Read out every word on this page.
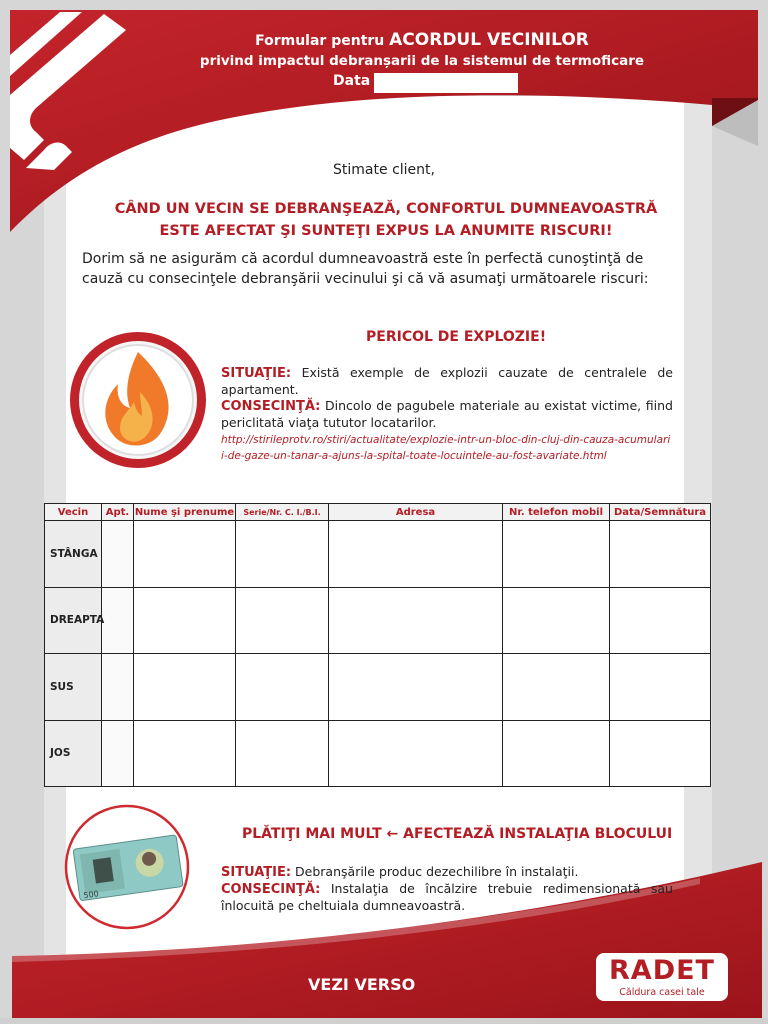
500
Formular pentru ACORDUL VECINILOR
privind impactul debranșarii de la sistemul de termoficare
Data
Stimate client,
CÂND UN VECIN SE DEBRANŞEAZĂ, CONFORTUL DUMNEAVOASTRĂ
ESTE AFECTAT ŞI SUNTEŢI EXPUS LA ANUMITE RISCURI!
Dorim să ne asigurăm că acordul dumneavoastră este în perfectă cunoştinţă de cauză cu consecinţele debranşării vecinului şi că vă asumaţi următoarele riscuri:
PERICOL DE EXPLOZIE!
SITUAŢIE: Există exemple de explozii cauzate de centralele de apartament.
CONSECINŢĂ: Dincolo de pagubele materiale au existat victime, fiind periclitată viaţa tututor locatarilor.
http://stirileprotv.ro/stiri/actualitate/explozie-intr-un-bloc-din-cluj-din-cauza-acumularii-de-gaze-un-tanar-a-ajuns-la-spital-toate-locuintele-au-fost-avariate.html
Vecin	Apt.	Nume şi prenume	Serie/Nr. C. I./B.I.	Adresa	Nr. telefon mobil	Data/Semnătura
STÂNGA						
DREAPTA						
SUS						
JOS						
PLĂTIŢI MAI MULT ← AFECTEAZĂ INSTALAŢIA BLOCULUI
SITUAŢIE: Debranşările produc dezechilibre în instalaţii.
CONSECINŢĂ: Instalaţia de încălzire trebuie redimensionată sau înlocuită pe cheltuiala dumneavoastră.
VEZI VERSO	RADET
Căldura casei tale
